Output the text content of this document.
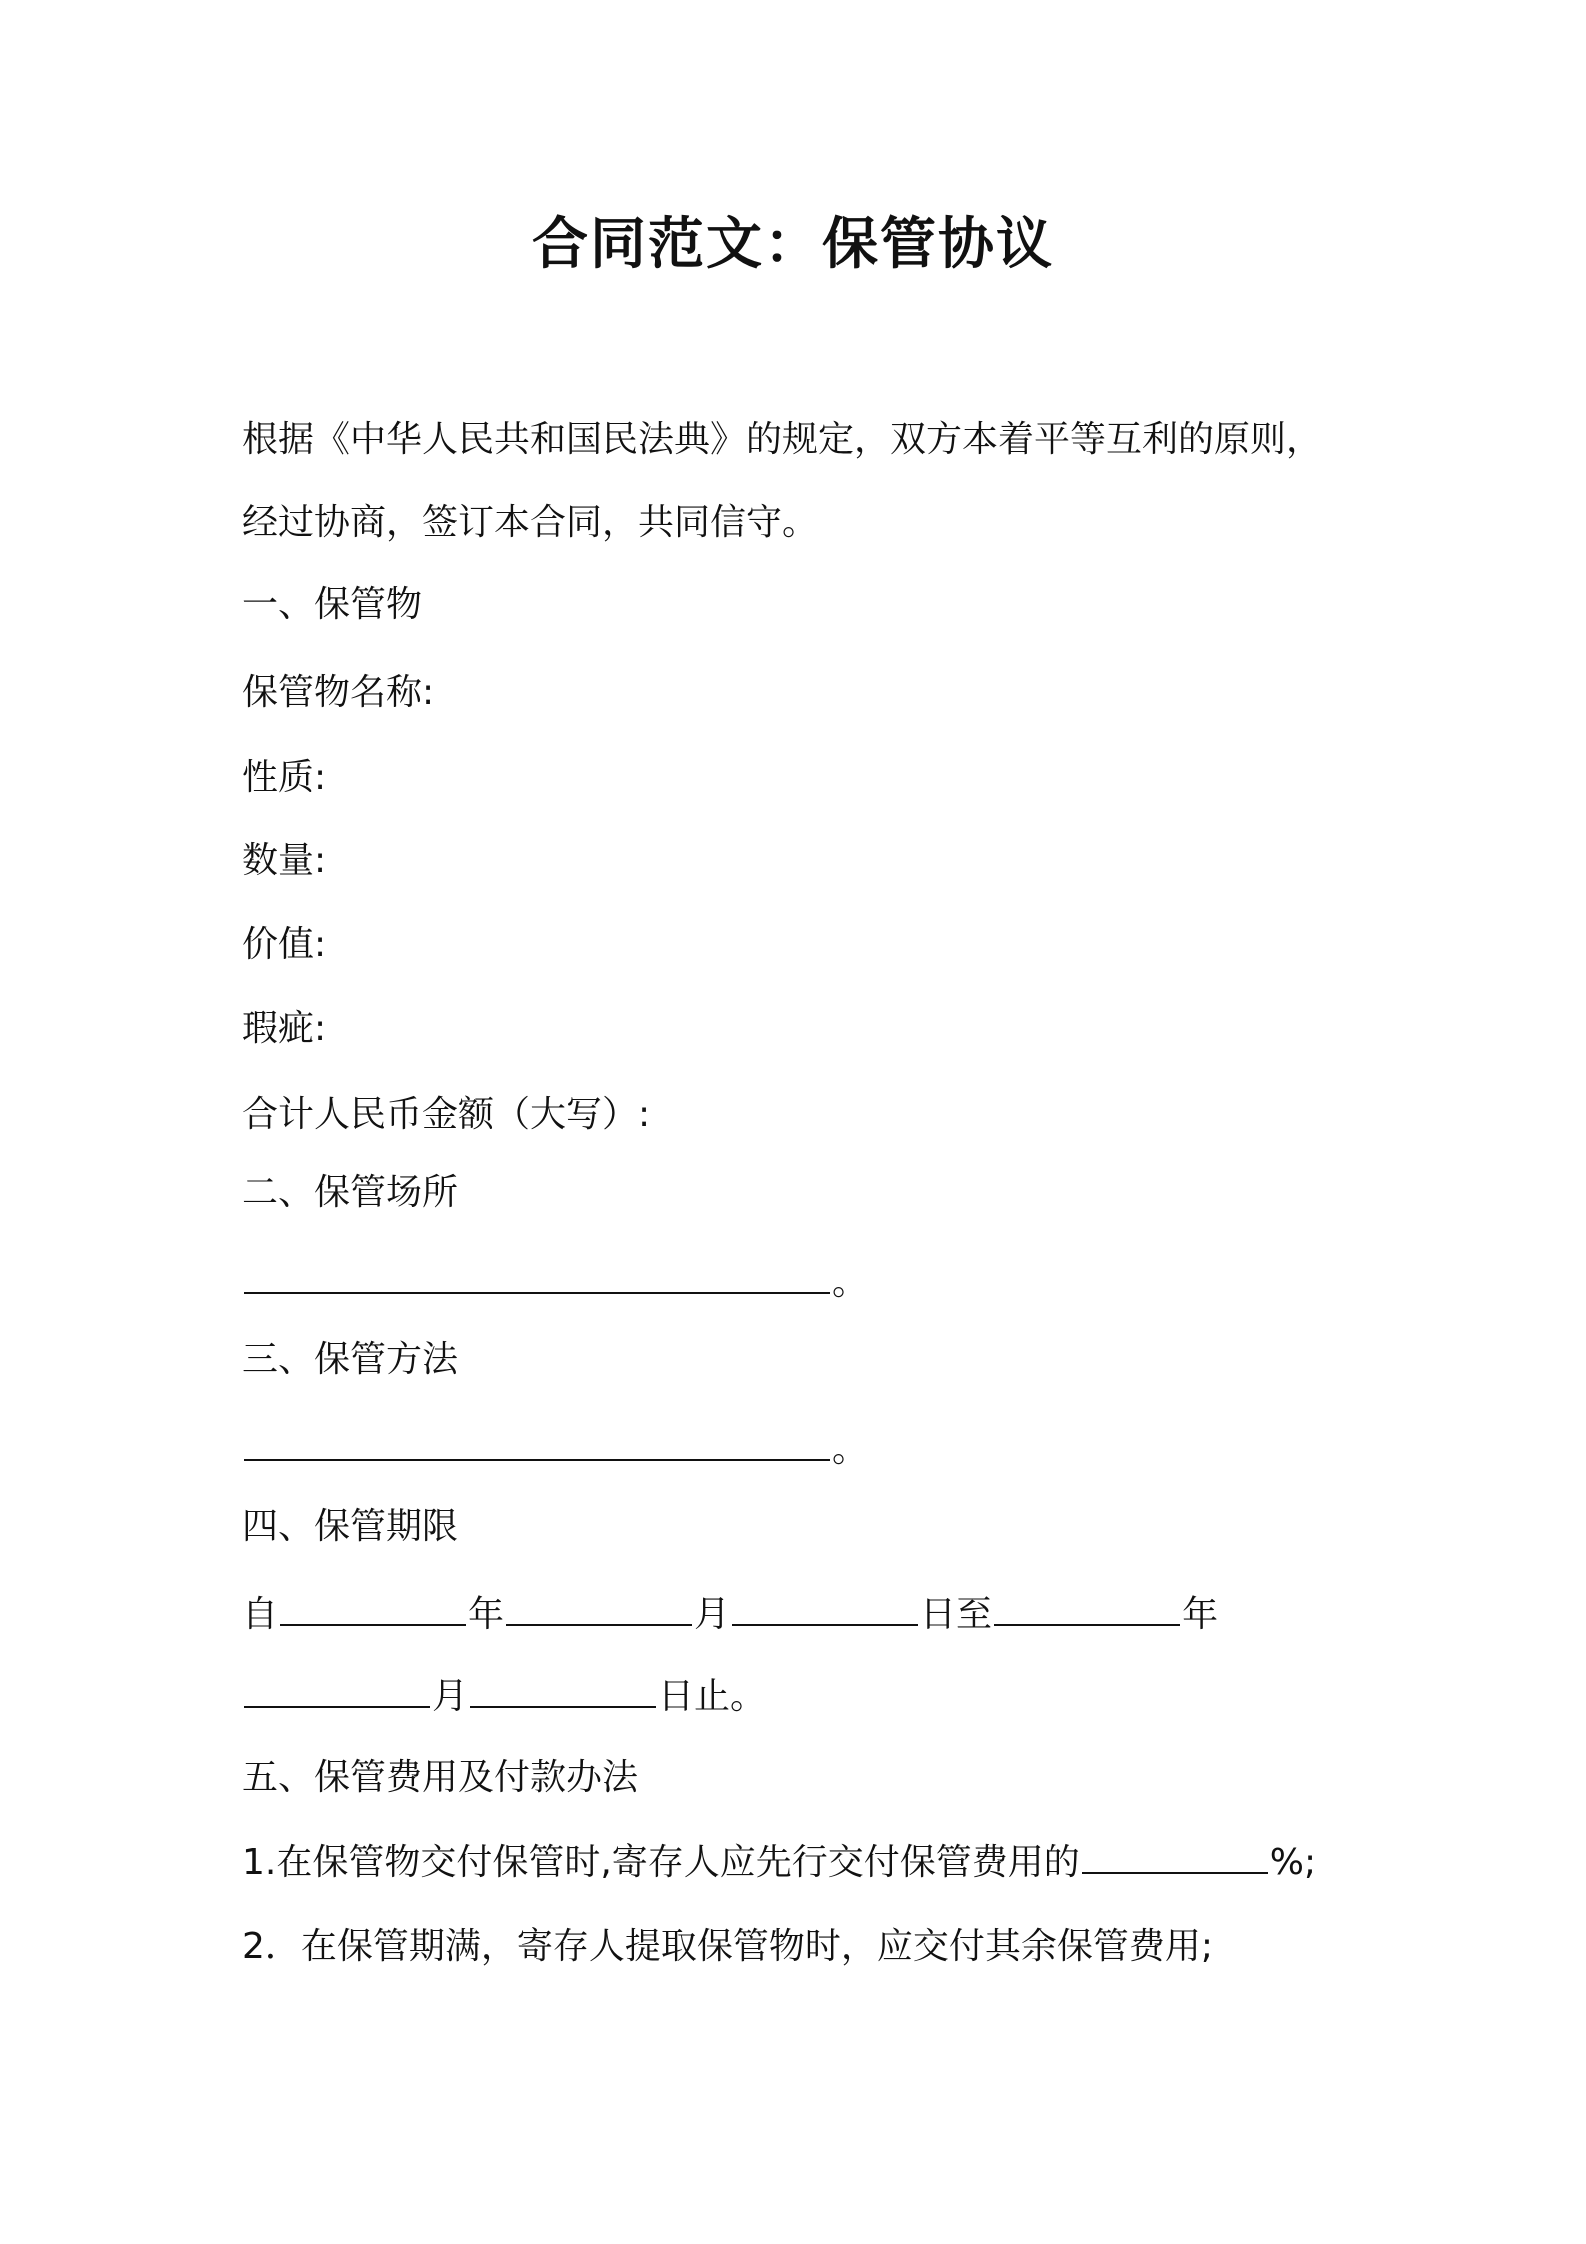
合同范文：保管协议

根据《中华人民共和国民法典》的规定，双方本着平等互利的原则，

经过协商，签订本合同，共同信守。

一、保管物

保管物名称:

性质:

数量:

价值:

瑕疵:

合计人民币金额（大写）:

二、保管场所

。

三、保管方法

。

四、保管期限

自	年	月	日至	年

月	日止。

五、保管费用及付款办法

1.在保管物交付保管时,寄存人应先行交付保管费用的	%;

2．在保管期满，寄存人提取保管物时，应交付其余保管费用;
